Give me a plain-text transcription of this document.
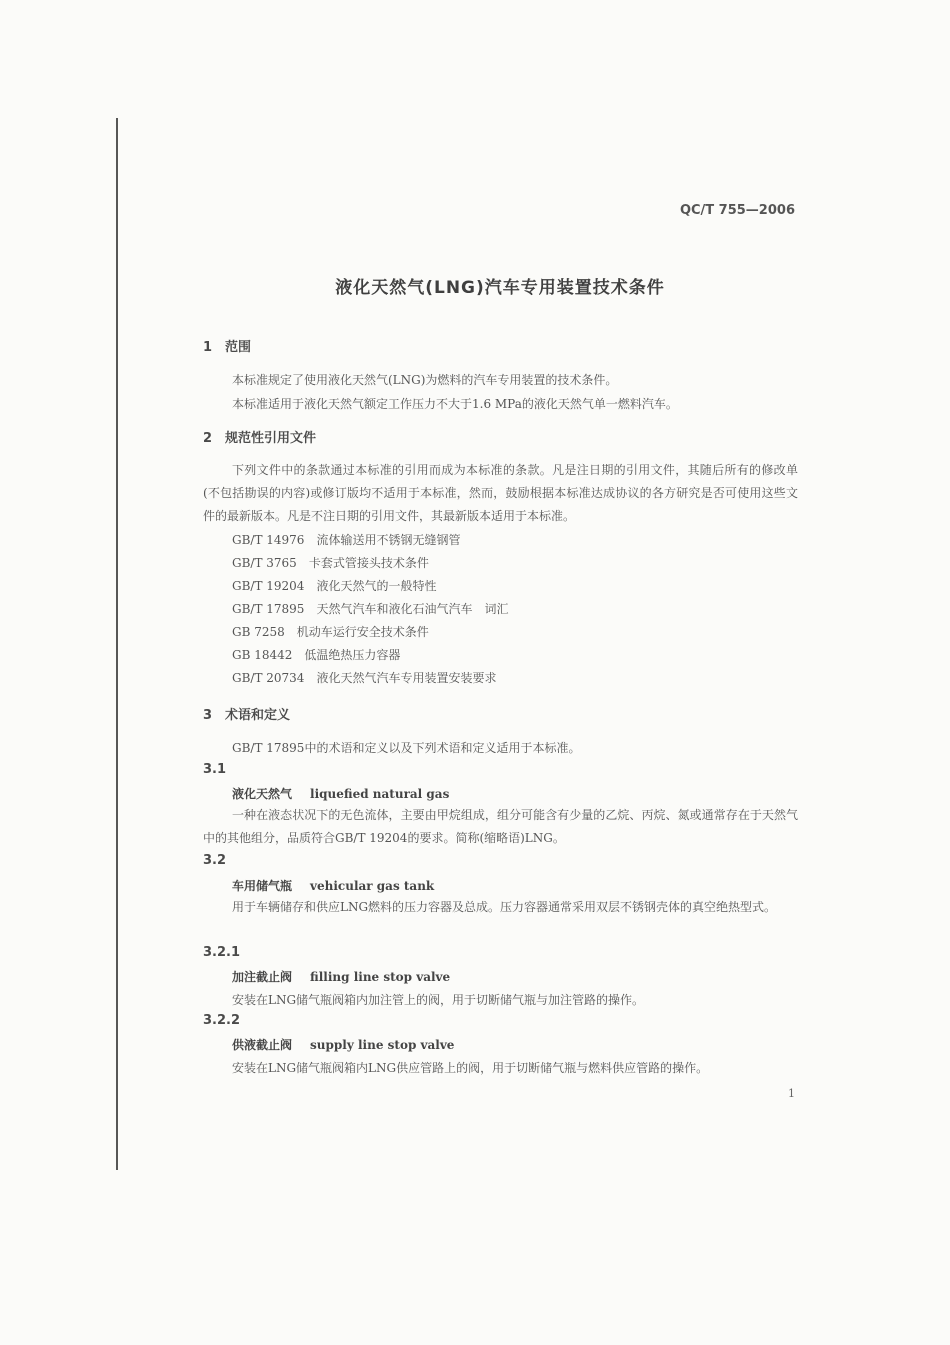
QC/T 755—2006
液化天然气(LNG)汽车专用装置技术条件
1 范围
本标准规定了使用液化天然气(LNG)为燃料的汽车专用装置的技术条件。
本标准适用于液化天然气额定工作压力不大于1.6 MPa的液化天然气单一燃料汽车。
2 规范性引用文件
下列文件中的条款通过本标准的引用而成为本标准的条款。凡是注日期的引用文件，其随后所有的修改单(不包括勘误的内容)或修订版均不适用于本标准，然而，鼓励根据本标准达成协议的各方研究是否可使用这些文件的最新版本。凡是不注日期的引用文件，其最新版本适用于本标准。
GB/T 14976 流体输送用不锈钢无缝钢管
GB/T 3765 卡套式管接头技术条件
GB/T 19204 液化天然气的一般特性
GB/T 17895 天然气汽车和液化石油气汽车　词汇
GB 7258 机动车运行安全技术条件
GB 18442 低温绝热压力容器
GB/T 20734 液化天然气汽车专用装置安装要求
3 术语和定义
GB/T 17895中的术语和定义以及下列术语和定义适用于本标准。
3.1
液化天然气 liquefied natural gas
一种在液态状况下的无色流体，主要由甲烷组成，组分可能含有少量的乙烷、丙烷、氮或通常存在于天然气中的其他组分，品质符合GB/T 19204的要求。简称(缩略语)LNG。
3.2
车用储气瓶 vehicular gas tank
用于车辆储存和供应LNG燃料的压力容器及总成。压力容器通常采用双层不锈钢壳体的真空绝热型式。
3.2.1
加注截止阀 filling line stop valve
安装在LNG储气瓶阀箱内加注管上的阀，用于切断储气瓶与加注管路的操作。
3.2.2
供液截止阀 supply line stop valve
安装在LNG储气瓶阀箱内LNG供应管路上的阀，用于切断储气瓶与燃料供应管路的操作。
1
